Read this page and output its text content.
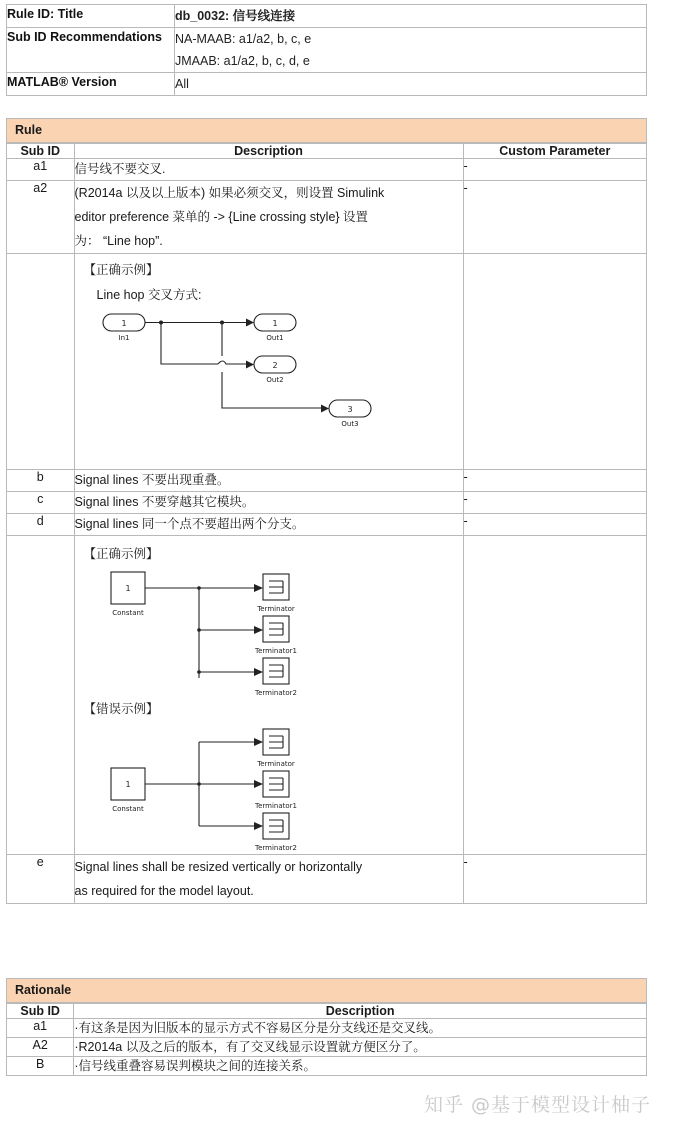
Rule ID: Title	db_0032: 信号线连接

Sub ID Recommendations	NA-MAAB: a1/a2, b, c, e
JMAAB: a1/a2, b, c, d, e

MATLAB® Version	All
Rule
Sub ID	Description	Custom Parameter
a1	信号线不要交叉.	-
a2	(R2014a 以及以上版本) 如果必须交叉，则设置 Simulink
editor preference 菜单的 -> {Line crossing style} 设置
为： “Line hop”.	-

【正确示例】
Line hop 交叉方式:
1
In1
1
Out1
2
Out2
3
Out3

b	Signal lines 不要出现重叠。	-
c	Signal lines 不要穿越其它模块。	-
d	Signal lines 同一个点不要超出两个分支。	-

【正确示例】
1
Constant	Terminator
Terminator1
Terminator2
【错误示例】
1
Constant
Terminator
Terminator1
Terminator2

e	Signal lines shall be resized vertically or horizontally
as required for the model layout.	-
Rationale
Sub ID	Description
a1	·有这条是因为旧版本的显示方式不容易区分是分支线还是交叉线。
A2	·R2014a 以及之后的版本，有了交叉线显示设置就方便区分了。
B	·信号线重叠容易误判模块之间的连接关系。
知乎 @基于模型设计柚子
